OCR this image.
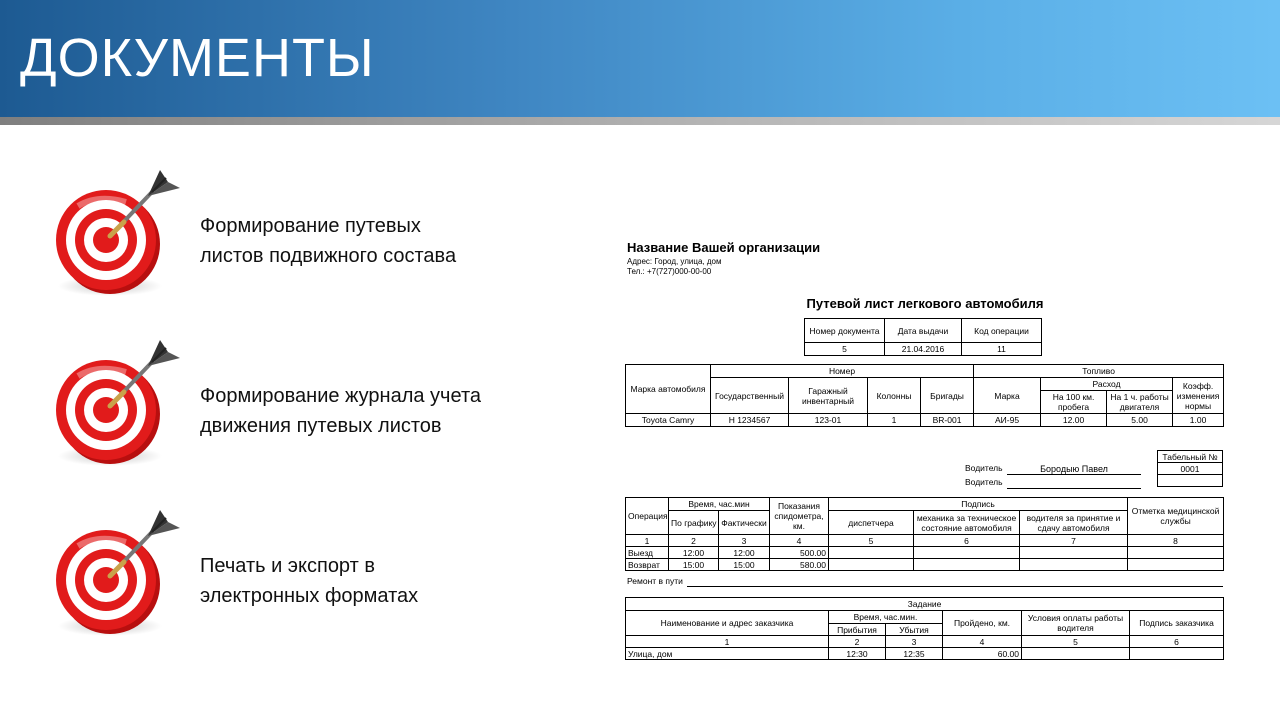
ДОКУМЕНТЫ
Формирование путевых
листов подвижного состава
Формирование журнала учета
движения путевых листов
Печать и экспорт в
электронных форматах
Название Вашей организации
Адрес: Город, улица, дом
Тел.: +7(727)000-00-00
Путевой лист легкового автомобиля
Номер документа	Дата выдачи	Код операции
5	21.04.2016	11
Марка автомобиля	Номер				Топливо			
	Государственный	Гаражный инвентарный	Колонны	Бригады	Марка	Расход		Коэфф. изменения нормы
						На 100 км. пробега	На 1 ч. работы двигателя	
Toyota Camry	Н 1234567	123-01	1	BR-001	АИ-95	12.00	5.00	1.00
Водитель	Бородыю Павел
Водитель
Табельный №
0001

Операция	Время, час.мин		Показания спидометра, км.	Подпись			Отметка медицинской службы
	По графику	Фактически		диспетчера	механика за техническое состояние автомобиля	водителя за принятие и сдачу автомобиля	
1	2	3	4	5	6	7	8
Выезд	12:00	12:00	500.00				
Возврат	15:00	15:00	580.00				
Ремонт в пути
Задание					
Наименование и адрес заказчика	Время, час.мин.		Пройдено, км.	Условия оплаты работы водителя	Подпись заказчика
	Прибытия	Убытия			
1	2	3	4	5	6
Улица, дом	12:30	12:35	60.00		
